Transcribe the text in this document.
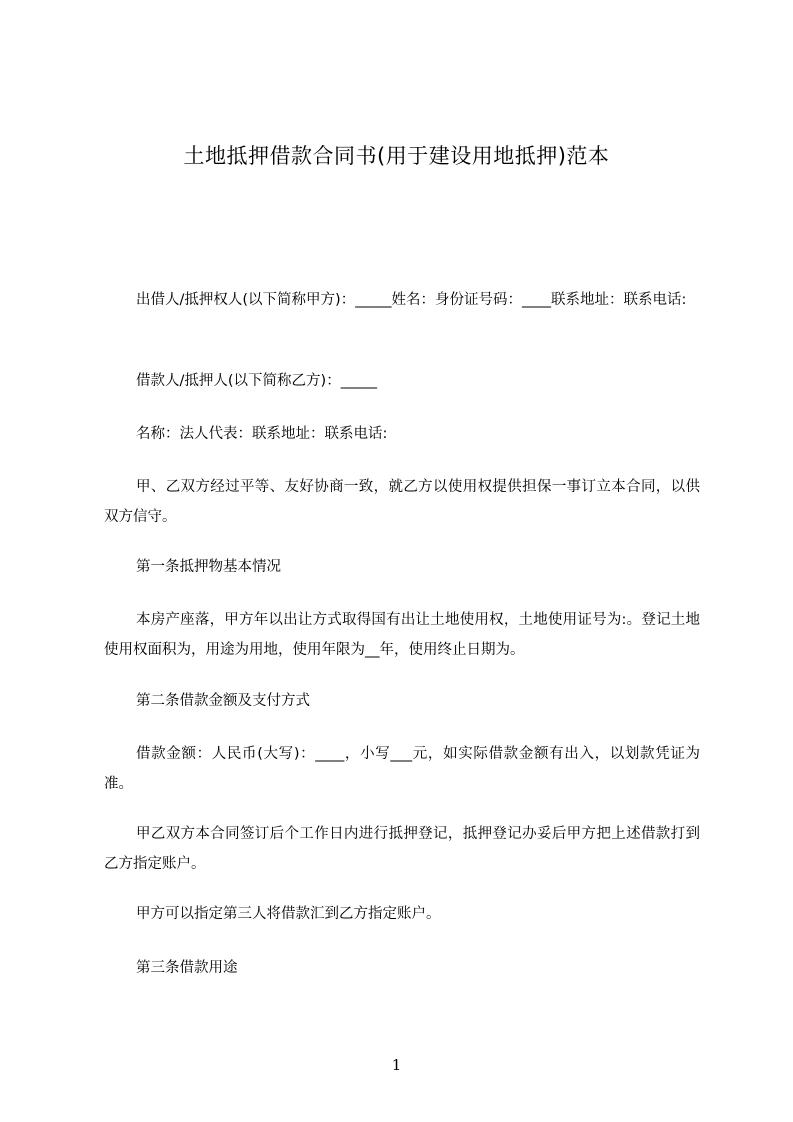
土地抵押借款合同书(用于建设用地抵押)范本

出借人/抵押权人(以下简称甲方)：_____姓名：身份证号码：____联系地址：联系电话:

借款人/抵押人(以下简称乙方)：_____

名称：法人代表：联系地址：联系电话:

甲、乙双方经过平等、友好协商一致，就乙方以使用权提供担保一事订立本合同，以供双方信守。

第一条抵押物基本情况

本房产座落，甲方年以出让方式取得国有出让土地使用权，土地使用证号为:。登记土地使用权面积为，用途为用地，使用年限为__年，使用终止日期为。

第二条借款金额及支付方式

借款金额：人民币(大写)：____，小写___元，如实际借款金额有出入，以划款凭证为准。

甲乙双方本合同签订后个工作日内进行抵押登记，抵押登记办妥后甲方把上述借款打到乙方指定账户。

甲方可以指定第三人将借款汇到乙方指定账户。

第三条借款用途

1
